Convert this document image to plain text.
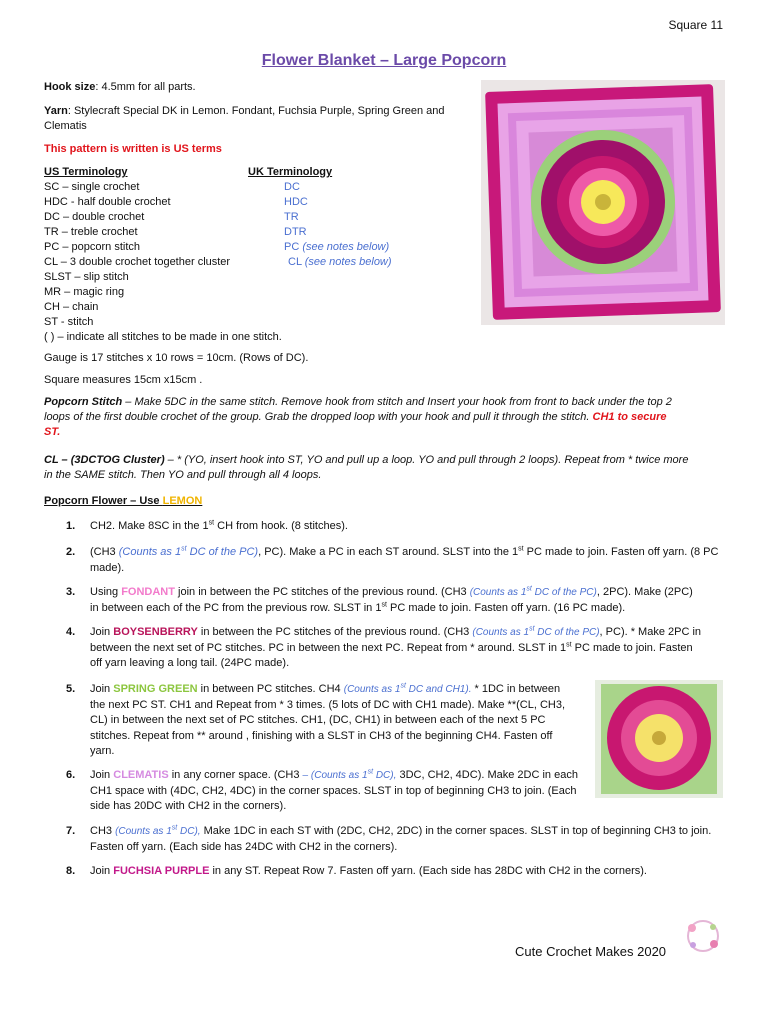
Square 11
Flower Blanket – Large Popcorn
Hook size: 4.5mm for all parts.
Yarn: Stylecraft Special DK in Lemon. Fondant, Fuchsia Purple, Spring Green and
Clematis
This pattern is written is US terms
US Terminology	UK Terminology
SC – single crochet	DC
HDC - half double crochet	HDC
DC – double crochet	TR
TR – treble crochet	DTR
PC – popcorn stitch	PC (see notes below)
CL – 3 double crochet together cluster	CL (see notes below)
SLST – slip stitch
MR – magic ring
CH – chain
ST - stitch
( ) – indicate all stitches to be made in one stitch.
Gauge is 17 stitches x 10 rows = 10cm. (Rows of DC).
Square measures 15cm x15cm .
Popcorn Stitch – Make 5DC in the same stitch. Remove hook from stitch and Insert your hook from front to back under the top 2
loops of the first double crochet of the group. Grab the dropped loop with your hook and pull it through the stitch. CH1 to secure
ST.
CL – (3DCTOG Cluster) – * (YO, insert hook into ST, YO and pull up a loop. YO and pull through 2 loops). Repeat from * twice more
in the SAME stitch. Then YO and pull through all 4 loops.
Popcorn Flower – Use LEMON
1. CH2. Make 8SC in the 1st CH from hook. (8 stitches).
2. (CH3 (Counts as 1st DC of the PC), PC). Make a PC in each ST around. SLST into the 1st PC made to join. Fasten off yarn. (8 PC
made).
3. Using FONDANT join in between the PC stitches of the previous round. (CH3 (Counts as 1st DC of the PC), 2PC). Make (2PC)
in between each of the PC from the previous row. SLST in 1st PC made to join. Fasten off yarn. (16 PC made).
4. Join BOYSENBERRY in between the PC stitches of the previous round. (CH3 (Counts as 1st DC of the PC), PC). * Make 2PC in
between the next set of PC stitches. PC in between the next PC. Repeat from * around. SLST in 1st PC made to join. Fasten
off yarn leaving a long tail. (24PC made).
5. Join SPRING GREEN in between PC stitches. CH4 (Counts as 1st DC and CH1). * 1DC in between
the next PC ST. CH1 and Repeat from * 3 times. (5 lots of DC with CH1 made). Make **(CL, CH3,
CL) in between the next set of PC stitches. CH1, (DC, CH1) in between each of the next 5 PC
stitches. Repeat from ** around , finishing with a SLST in CH3 of the beginning CH4. Fasten off
yarn.
6. Join CLEMATIS in any corner space. (CH3 – (Counts as 1st DC), 3DC, CH2, 4DC). Make 2DC in each
CH1 space with (4DC, CH2, 4DC) in the corner spaces. SLST in top of beginning CH3 to join. (Each
side has 20DC with CH2 in the corners).
7. CH3 (Counts as 1st DC), Make 1DC in each ST with (2DC, CH2, 2DC) in the corner spaces. SLST in top of beginning CH3 to join.
Fasten off yarn. (Each side has 24DC with CH2 in the corners).
8. Join FUCHSIA PURPLE in any ST. Repeat Row 7. Fasten off yarn. (Each side has 28DC with CH2 in the corners).
Cute Crochet Makes 2020
